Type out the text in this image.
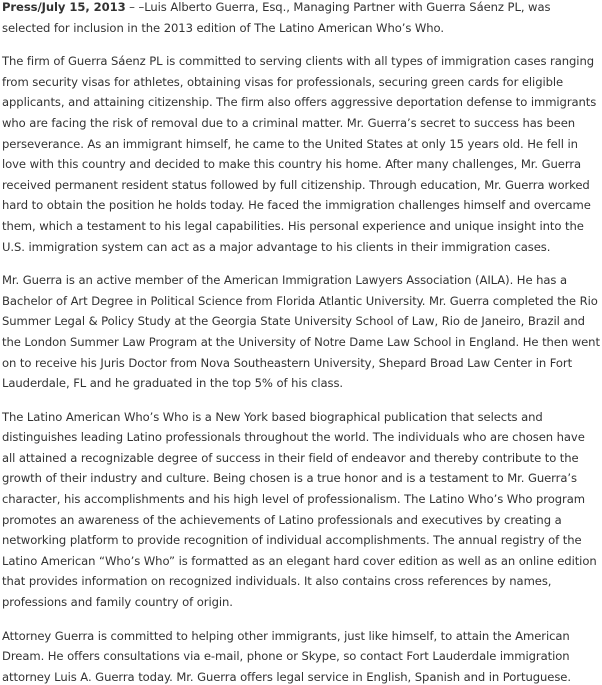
Press/July 15, 2013 – –Luis Alberto Guerra, Esq., Managing Partner with Guerra Sáenz PL, was selected for inclusion in the 2013 edition of The Latino American Who’s Who.

The firm of Guerra Sáenz PL is committed to serving clients with all types of immigration cases ranging from security visas for athletes, obtaining visas for professionals, securing green cards for eligible applicants, and attaining citizenship. The firm also offers aggressive deportation defense to immigrants who are facing the risk of removal due to a criminal matter. Mr. Guerra’s secret to success has been perseverance. As an immigrant himself, he came to the United States at only 15 years old. He fell in love with this country and decided to make this country his home. After many challenges, Mr. Guerra received permanent resident status followed by full citizenship. Through education, Mr. Guerra worked hard to obtain the position he holds today. He faced the immigration challenges himself and overcame them, which a testament to his legal capabilities. His personal experience and unique insight into the U.S. immigration system can act as a major advantage to his clients in their immigration cases.

Mr. Guerra is an active member of the American Immigration Lawyers Association (AILA). He has a Bachelor of Art Degree in Political Science from Florida Atlantic University. Mr. Guerra completed the Rio Summer Legal & Policy Study at the Georgia State University School of Law, Rio de Janeiro, Brazil and the London Summer Law Program at the University of Notre Dame Law School in England. He then went on to receive his Juris Doctor from Nova Southeastern University, Shepard Broad Law Center in Fort Lauderdale, FL and he graduated in the top 5% of his class.

The Latino American Who’s Who is a New York based biographical publication that selects and distinguishes leading Latino professionals throughout the world. The individuals who are chosen have all attained a recognizable degree of success in their field of endeavor and thereby contribute to the growth of their industry and culture. Being chosen is a true honor and is a testament to Mr. Guerra’s character, his accomplishments and his high level of professionalism. The Latino Who’s Who program promotes an awareness of the achievements of Latino professionals and executives by creating a networking platform to provide recognition of individual accomplishments. The annual registry of the Latino American “Who’s Who” is formatted as an elegant hard cover edition as well as an online edition that provides information on recognized individuals. It also contains cross references by names, professions and family country of origin.

Attorney Guerra is committed to helping other immigrants, just like himself, to attain the American Dream. He offers consultations via e-mail, phone or Skype, so contact Fort Lauderdale immigration attorney Luis A. Guerra today. Mr. Guerra offers legal service in English, Spanish and in Portuguese.
